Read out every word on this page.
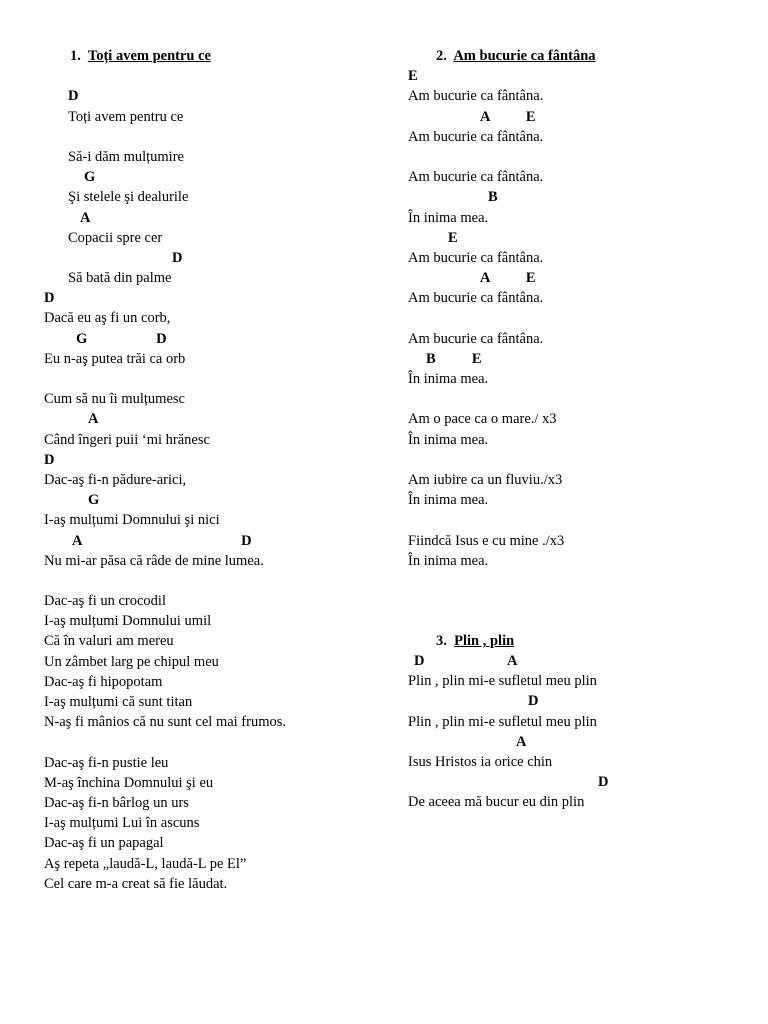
1. Toți avem pentru ce
D
Toți avem pentru ce
Să-i dăm mulțumire
G
Şi stelele şi dealurile
A
Copacii spre cer
D
Să bată din palme
D
Dacă eu aş fi un corb,
G                   D
Eu n-aş putea trăi ca orb
Cum să nu îi mulțumesc
A
Când îngeri puii ‘mi hrănesc
D
Dac-aş fi-n pădure-arici,
G
I-aş mulțumi Domnului şi nici
A                                            D
Nu mi-ar păsa că râde de mine lumea.
Dac-aş fi un crocodil
I-aş mulțumi Domnului umil
Că în valuri am mereu
Un zâmbet larg pe chipul meu
Dac-aş fi hipopotam
I-aş mulțumi că sunt titan
N-aş fi mânios că nu sunt cel mai frumos.
Dac-aş fi-n pustie leu
M-aş închina Domnului şi eu
Dac-aş fi-n bârlog un urs
I-aş mulțumi Lui în ascuns
Dac-aş fi un papagal
Aş repeta „laudă-L, laudă-L pe El”
Cel care m-a creat să fie lăudat.
2. Am bucurie ca fântâna
E
Am bucurie ca fântâna.
A          E
Am bucurie ca fântâna.
Am bucurie ca fântâna.
B
În inima mea.
E
Am bucurie ca fântâna.
A          E
Am bucurie ca fântâna.
Am bucurie ca fântâna.
B          E
În inima mea.
Am o pace ca o mare./ x3
În inima mea.
Am iubire ca un fluviu./x3
În inima mea.
Fiindcă Isus e cu mine ./x3
În inima mea.
3. Plin , plin
D                       A
Plin , plin mi-e sufletul meu plin
D
Plin , plin mi-e sufletul meu plin
A
Isus Hristos ia orice chin
D
De aceea mă bucur eu din plin
